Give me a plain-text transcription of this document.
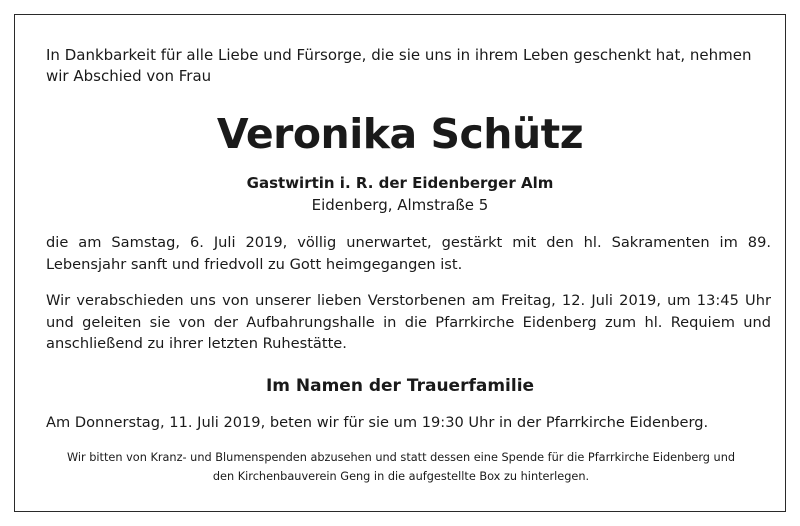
In Dankbarkeit für alle Liebe und Fürsorge, die sie uns in ihrem Leben geschenkt hat, nehmen wir Abschied von Frau

Veronika Schütz

Gastwirtin i. R. der Eidenberger Alm

Eidenberg, Almstraße 5

die am Samstag, 6. Juli 2019, völlig unerwartet, gestärkt mit den hl. Sakramenten im 89. Lebensjahr sanft und friedvoll zu Gott heimgegangen ist.

Wir verabschieden uns von unserer lieben Verstorbenen am Freitag, 12. Juli 2019, um 13:45 Uhr und geleiten sie von der Aufbahrungshalle in die Pfarrkirche Eidenberg zum hl. Requiem und anschließend zu ihrer letzten Ruhestätte.

Im Namen der Trauerfamilie

Am Donnerstag, 11. Juli 2019, beten wir für sie um 19:30 Uhr in der Pfarrkirche Eidenberg.

Wir bitten von Kranz- und Blumenspenden abzusehen und statt dessen eine Spende für die Pfarrkirche Eidenberg und den Kirchenbauverein Geng in die aufgestellte Box zu hinterlegen.
